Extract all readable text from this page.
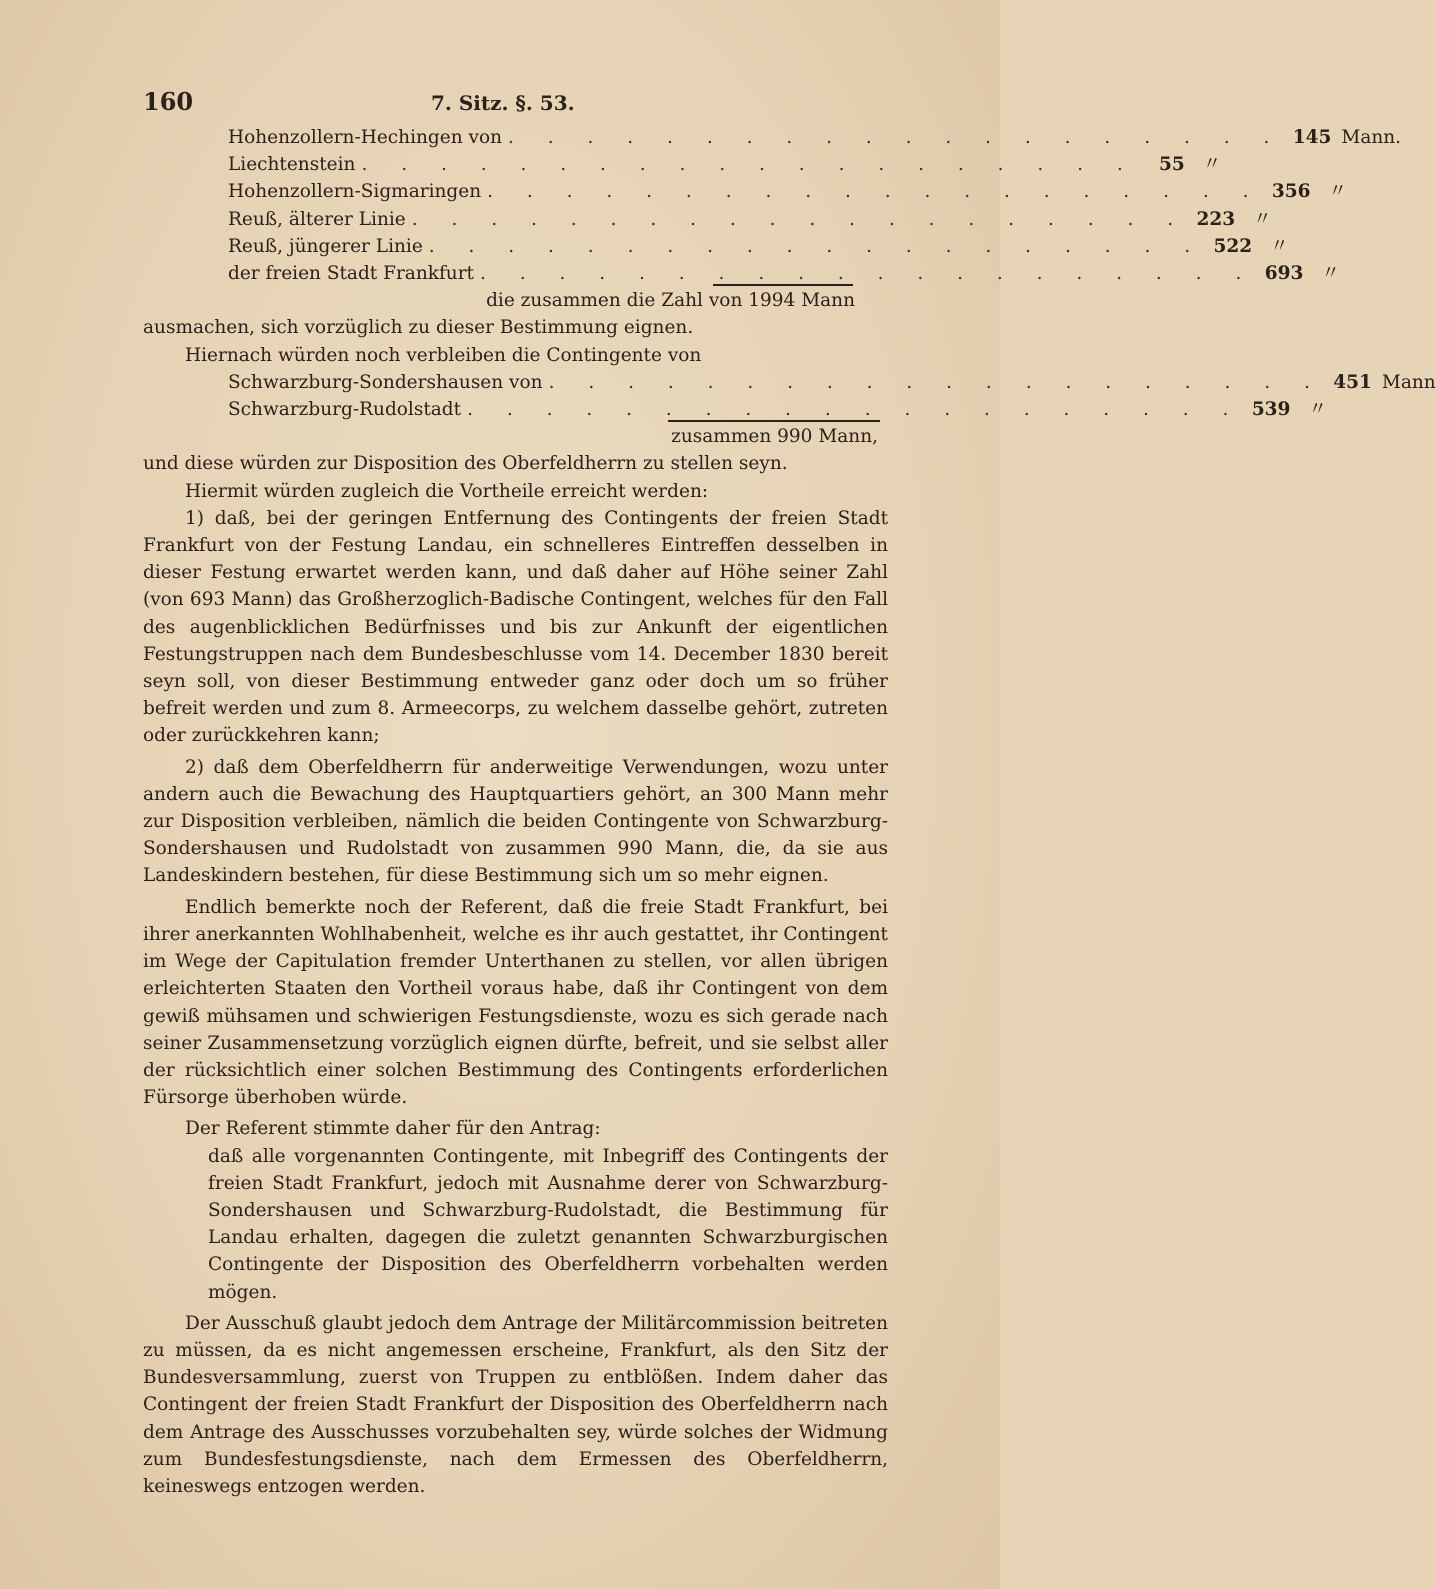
160	7. Sitz. §. 53.
Hohenzollern-Hechingen von . . . . . . . . . . . . . . . . . . . . 145 Mann.
Liechtenstein . . . . . . . . . . . . . . . . . . . .	55 〃
Hohenzollern-Sigmaringen . . . . . . . . . . . . . . . . . . . . 356 〃
Reuß, älterer Linie . . . . . . . . . . . . . . . . . . . . 223 〃
Reuß, jüngerer Linie . . . . . . . . . . . . . . . . . . . . 522 〃
der freien Stadt Frankfurt . . . . . . . . . . . . . . . . . . . . 693 〃
die zusammen die Zahl von 1994 Mann

ausmachen, sich vorzüglich zu dieser Bestimmung eignen.

Hiernach würden noch verbleiben die Contingente von

Schwarzburg-Sondershausen von . . . . . . . . . . . . . . . . . . . . 451 Mann
Schwarzburg-Rudolstadt . . . . . . . . . . . . . . . . . . . . 539 〃
zusammen 990 Mann,

und diese würden zur Disposition des Oberfeldherrn zu stellen seyn.

Hiermit würden zugleich die Vortheile erreicht werden:

1) daß, bei der geringen Entfernung des Contingents der freien Stadt Frankfurt von der Festung Landau, ein schnelleres Eintreffen desselben in dieser Festung erwartet werden kann, und daß daher auf Höhe seiner Zahl (von 693 Mann) das Großherzoglich-Badische Contingent, welches für den Fall des augenblicklichen Bedürfnisses und bis zur Ankunft der eigentlichen Festungstruppen nach dem Bundesbeschlusse vom 14. December 1830 bereit seyn soll, von dieser Bestimmung entweder ganz oder doch um so früher befreit werden und zum 8. Armeecorps, zu welchem dasselbe gehört, zutreten oder zurückkehren kann;

2) daß dem Oberfeldherrn für anderweitige Verwendungen, wozu unter andern auch die Bewachung des Hauptquartiers gehört, an 300 Mann mehr zur Disposition verbleiben, nämlich die beiden Contingente von Schwarzburg-Sondershausen und Rudolstadt von zusammen 990 Mann, die, da sie aus Landeskindern bestehen, für diese Bestimmung sich um so mehr eignen.

Endlich bemerkte noch der Referent, daß die freie Stadt Frankfurt, bei ihrer anerkannten Wohlhabenheit, welche es ihr auch gestattet, ihr Contingent im Wege der Capitulation fremder Unterthanen zu stellen, vor allen übrigen erleichterten Staaten den Vortheil voraus habe, daß ihr Contingent von dem gewiß mühsamen und schwierigen Festungsdienste, wozu es sich gerade nach seiner Zusammensetzung vorzüglich eignen dürfte, befreit, und sie selbst aller der rücksichtlich einer solchen Bestimmung des Contingents erforderlichen Fürsorge überhoben würde.

Der Referent stimmte daher für den Antrag:

daß alle vorgenannten Contingente, mit Inbegriff des Contingents der freien Stadt Frankfurt, jedoch mit Ausnahme derer von Schwarzburg-Sondershausen und Schwarzburg-Rudolstadt, die Bestimmung für Landau erhalten, dagegen die zuletzt genannten Schwarzburgischen Contingente der Disposition des Oberfeldherrn vorbehalten werden mögen.

Der Ausschuß glaubt jedoch dem Antrage der Militärcommission beitreten zu müssen, da es nicht angemessen erscheine, Frankfurt, als den Sitz der Bundesversammlung, zuerst von Truppen zu entblößen. Indem daher das Contingent der freien Stadt Frankfurt der Disposition des Oberfeldherrn nach dem Antrage des Ausschusses vorzubehalten sey, würde solches der Widmung zum Bundesfestungsdienste, nach dem Ermessen des Oberfeldherrn, keineswegs entzogen werden.
